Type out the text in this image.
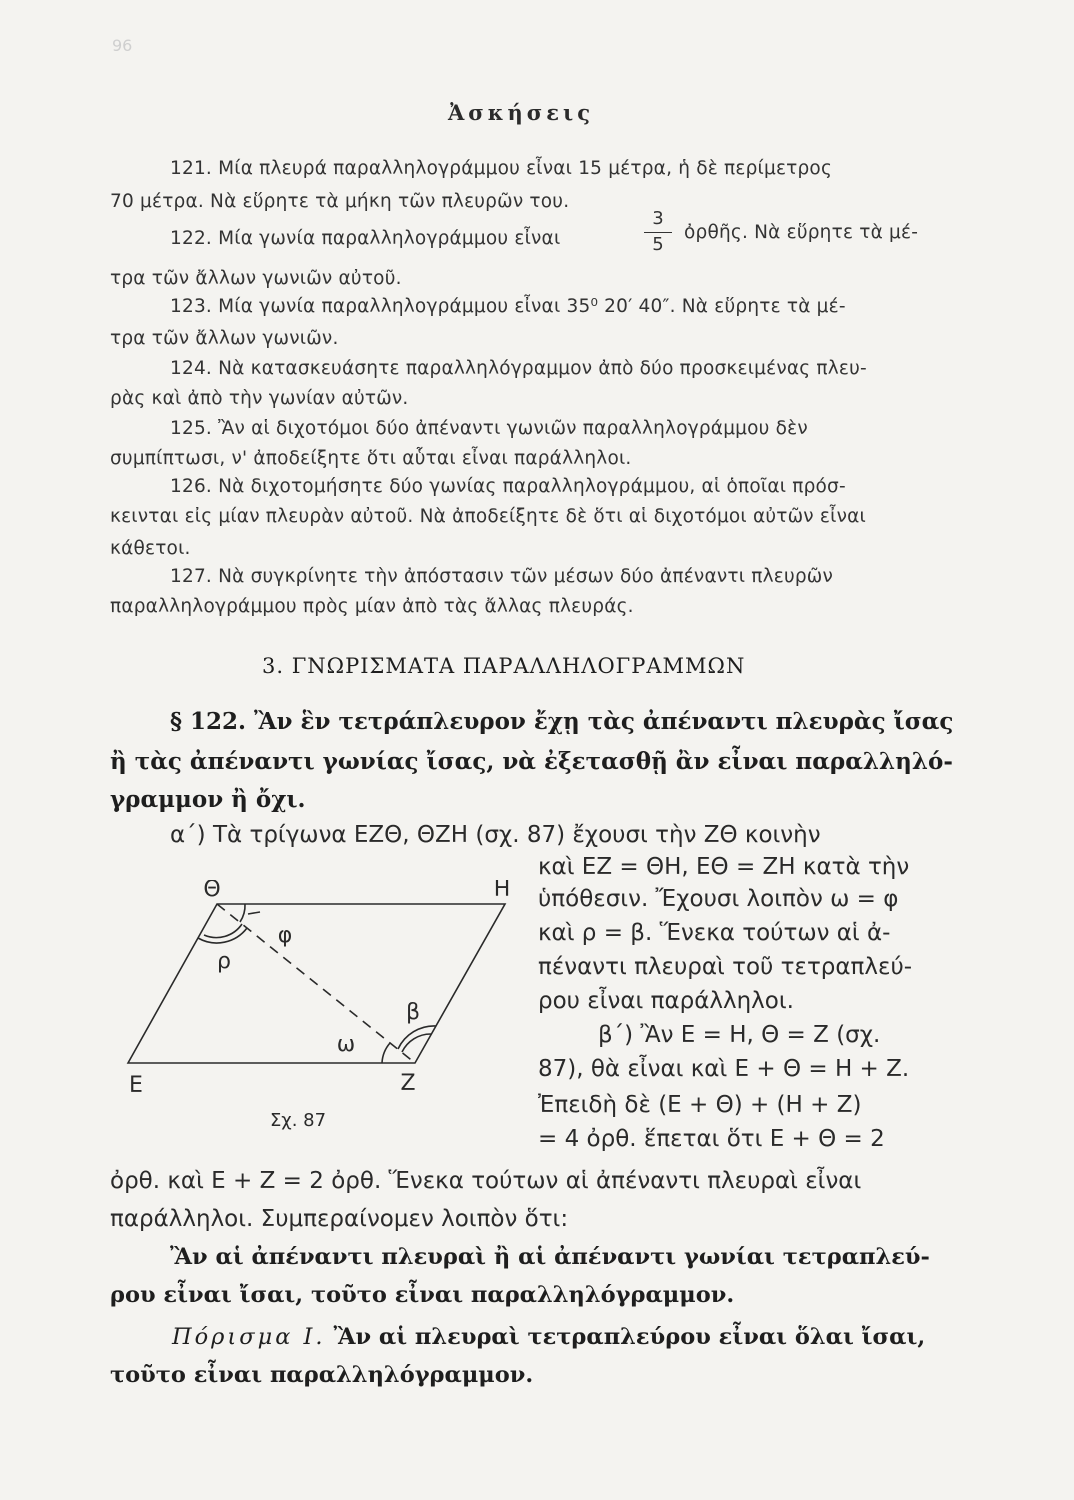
96
Ἀσκήσεις
121. Μία πλευρά παραλληλογράμμου εἶναι 15 μέτρα, ἡ δὲ περίμετρος
70 μέτρα. Νὰ εὕρητε τὰ μήκη τῶν πλευρῶν του.
122. Μία γωνία παραλληλογράμμου εἶναι
3
5
ὀρθῆς. Νὰ εὕρητε τὰ μέ-
τρα τῶν ἄλλων γωνιῶν αὐτοῦ.
123. Μία γωνία παραλληλογράμμου εἶναι 35⁰ 20′ 40″. Νὰ εὕρητε τὰ μέ-
τρα τῶν ἄλλων γωνιῶν.
124. Νὰ κατασκευάσητε παραλληλόγραμμον ἀπὸ δύο προσκειμένας πλευ-
ρὰς καὶ ἀπὸ τὴν γωνίαν αὐτῶν.
125. Ἂν αἱ διχοτόμοι δύο ἀπέναντι γωνιῶν παραλληλογράμμου δὲν
συμπίπτωσι, ν' ἀποδείξητε ὅτι αὗται εἶναι παράλληλοι.
126. Νὰ διχοτομήσητε δύο γωνίας παραλληλογράμμου, αἱ ὁποῖαι πρόσ-
κεινται εἰς μίαν πλευρὰν αὐτοῦ. Νὰ ἀποδείξητε δὲ ὅτι αἱ διχοτόμοι αὐτῶν εἶναι
κάθετοι.
127. Νὰ συγκρίνητε τὴν ἀπόστασιν τῶν μέσων δύο ἀπέναντι πλευρῶν
παραλληλογράμμου πρὸς μίαν ἀπὸ τὰς ἄλλας πλευράς.
3. ΓΝΩΡΙΣΜΑΤΑ ΠΑΡΑΛΛΗΛΟΓΡΑΜΜΩΝ
§ 122. Ἂν ἓν τετράπλευρον ἔχῃ τὰς ἀπέναντι πλευρὰς ἴσας
ἢ τὰς ἀπέναντι γωνίας ἴσας, νὰ ἐξετασθῇ ἂν εἶναι παραλληλό-
γραμμον ἢ ὄχι.
α΄) Τὰ τρίγωνα ΕΖΘ, ΘΖΗ (σχ. 87) ἔχουσι τὴν ΖΘ κοινὴν
καὶ ΕΖ = ΘΗ, ΕΘ = ΖΗ κατὰ τὴν
ὑπόθεσιν. Ἔχουσι λοιπὸν ω = φ
καὶ ρ = β. Ἕνεκα τούτων αἱ ἀ-
πέναντι πλευραὶ τοῦ τετραπλεύ-
ρου εἶναι παράλληλοι.
β΄) Ἂν Ε = Η, Θ = Ζ (σχ.
87), θὰ εἶναι καὶ Ε + Θ = Η + Ζ.
Ἐπειδὴ δὲ (Ε + Θ) + (Η + Ζ)
= 4 ὀρθ. ἕπεται ὅτι Ε + Θ = 2
ὀρθ. καὶ Ε + Ζ = 2 ὀρθ. Ἕνεκα τούτων αἱ ἀπέναντι πλευραὶ εἶναι
παράλληλοι. Συμπεραίνομεν λοιπὸν ὅτι:
Ἂν αἱ ἀπέναντι πλευραὶ ἢ αἱ ἀπέναντι γωνίαι τετραπλεύ-
ρου εἶναι ἴσαι, τοῦτο εἶναι παραλληλόγραμμον.
Πόρισμα Ι. Ἂν αἱ πλευραὶ τετραπλεύρου εἶναι ὅλαι ἴσαι,
τοῦτο εἶναι παραλληλόγραμμον.
Θ	Η
Ε	Ζ
φ
ρ
β
ω
Σχ. 87
